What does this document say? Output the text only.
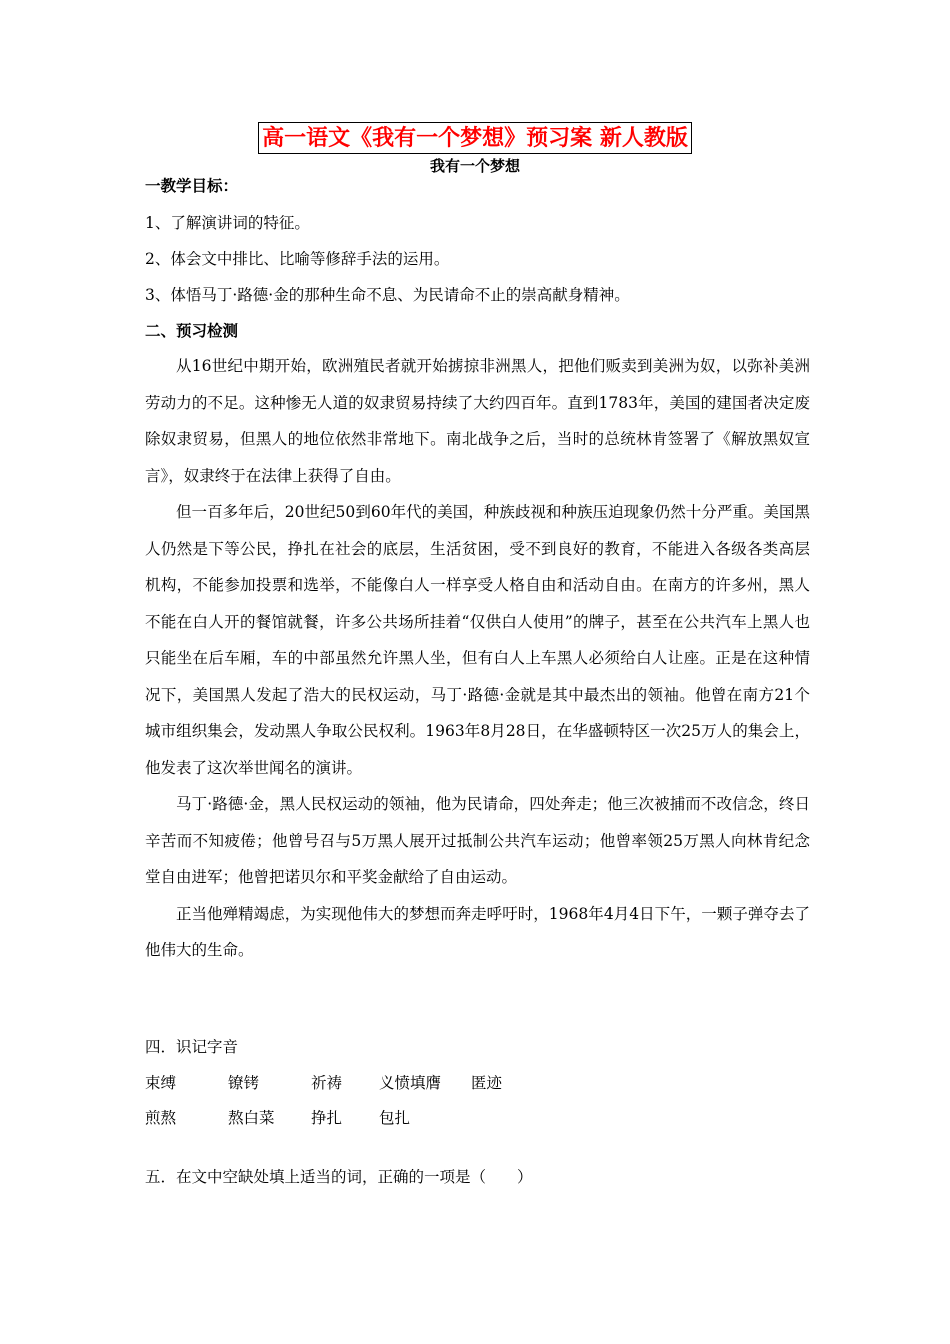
高一语文《我有一个梦想》预习案 新人教版
我有一个梦想
一教学目标：
1、了解演讲词的特征。
2、体会文中排比、比喻等修辞手法的运用。
3、体悟马丁·路德·金的那种生命不息、为民请命不止的崇高献身精神。
二、预习检测

从16世纪中期开始，欧洲殖民者就开始掳掠非洲黑人，把他们贩卖到美洲为奴，以弥补美洲劳动力的不足。这种惨无人道的奴隶贸易持续了大约四百年。直到1783年，美国的建国者决定废除奴隶贸易，但黑人的地位依然非常地下。南北战争之后，当时的总统林肯签署了《解放黑奴宣言》，奴隶终于在法律上获得了自由。

但一百多年后，20世纪50到60年代的美国，种族歧视和种族压迫现象仍然十分严重。美国黑人仍然是下等公民，挣扎在社会的底层，生活贫困，受不到良好的教育，不能进入各级各类高层机构，不能参加投票和选举，不能像白人一样享受人格自由和活动自由。在南方的许多州，黑人不能在白人开的餐馆就餐，许多公共场所挂着“仅供白人使用”的牌子，甚至在公共汽车上黑人也只能坐在后车厢，车的中部虽然允许黑人坐，但有白人上车黑人必须给白人让座。正是在这种情况下，美国黑人发起了浩大的民权运动，马丁·路德·金就是其中最杰出的领袖。他曾在南方21个城市组织集会，发动黑人争取公民权利。1963年8月28日，在华盛顿特区一次25万人的集会上，他发表了这次举世闻名的演讲。

马丁·路德·金，黑人民权运动的领袖，他为民请命，四处奔走；他三次被捕而不改信念，终日辛苦而不知疲倦；他曾号召与5万黑人展开过抵制公共汽车运动；他曾率领25万黑人向林肯纪念堂自由进军；他曾把诺贝尔和平奖金献给了自由运动。

正当他殚精竭虑，为实现他伟大的梦想而奔走呼吁时，1968年4月4日下午，一颗子弹夺去了他伟大的生命。

四．识记字音
束缚	镣铐	祈祷 义愤填膺 匿迹
煎熬	熬白菜 挣扎 包扎
五．在文中空缺处填上适当的词，正确的一项是（　　）
